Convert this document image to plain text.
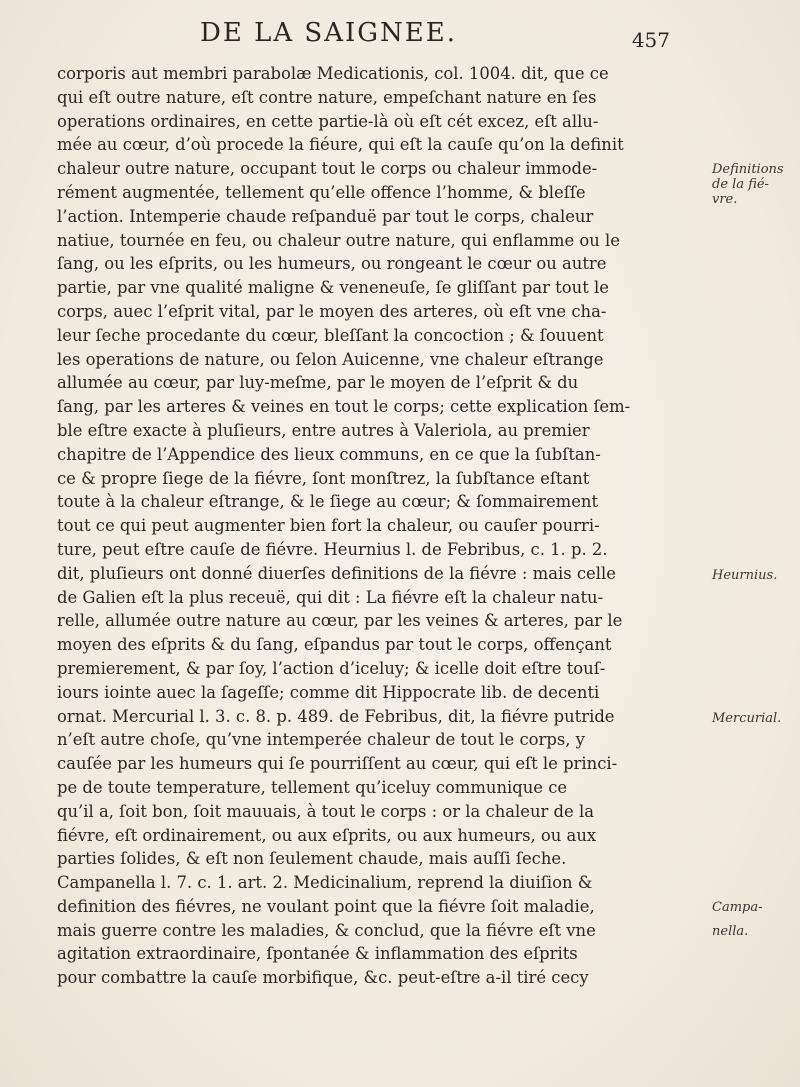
DE LA SAIGNEE.	457
corporis aut membri parabolæ Medicationis, col. 1004. dit, que ce
qui eſt outre nature, eſt contre nature, empeſchant nature en ſes
operations ordinaires, en cette partie-là où eſt cét excez, eſt allu-
mée au cœur, d’où procede la fiéure, qui eſt la cauſe qu’on la definit
chaleur outre nature, occupant tout le corps ou chaleur immode-
rément augmentée, tellement qu’elle offence l’homme, & bleſſe
l’action. Intemperie chaude reſpanduë par tout le corps, chaleur
natiue, tournée en feu, ou chaleur outre nature, qui enflamme ou le
ſang, ou les eſprits, ou les humeurs, ou rongeant le cœur ou autre
partie, par vne qualité maligne & veneneuſe, ſe gliſſant par tout le
corps, auec l’eſprit vital, par le moyen des arteres, où eſt vne cha-
leur ſeche procedante du cœur, bleſſant la concoction ; & ſouuent
les operations de nature, ou ſelon Auicenne, vne chaleur eſtrange
allumée au cœur, par luy-meſme, par le moyen de l’eſprit & du
ſang, par les arteres & veines en tout le corps; cette explication ſem-
ble eſtre exacte à pluſieurs, entre autres à Valeriola, au premier
chapitre de l’Appendice des lieux communs, en ce que la ſubſtan-
ce & propre ſiege de la fiévre, ſont monſtrez, la ſubſtance eſtant
toute à la chaleur eſtrange, & le ſiege au cœur; & ſommairement
tout ce qui peut augmenter bien fort la chaleur, ou cauſer pourri-
ture, peut eſtre cauſe de fiévre. Heurnius l. de Febribus, c. 1. p. 2.
dit, pluſieurs ont donné diuerſes definitions de la fiévre : mais celle
de Galien eſt la plus receuë, qui dit : La fiévre eſt la chaleur natu-
relle, allumée outre nature au cœur, par les veines & arteres, par le
moyen des eſprits & du ſang, eſpandus par tout le corps, offençant
premierement, & par ſoy, l’action d’iceluy; & icelle doit eſtre touſ-
iours iointe auec la ſageſſe; comme dit Hippocrate lib. de decenti
ornat. Mercurial l. 3. c. 8. p. 489. de Febribus, dit, la fiévre putride
n’eſt autre choſe, qu’vne intemperée chaleur de tout le corps, y
cauſée par les humeurs qui ſe pourriſſent au cœur, qui eſt le princi-
pe de toute temperature, tellement qu’iceluy communique ce
qu’il a, ſoit bon, ſoit mauuais, à tout le corps : or la chaleur de la
fiévre, eſt ordinairement, ou aux eſprits, ou aux humeurs, ou aux
parties ſolides, & eſt non ſeulement chaude, mais auſſi ſeche.
Campanella l. 7. c. 1. art. 2. Medicinalium, reprend la diuiſion &
definition des fiévres, ne voulant point que la fiévre ſoit maladie,
mais guerre contre les maladies, & conclud, que la fiévre eſt vne
agitation extraordinaire, ſpontanée & inflammation des eſprits
pour combattre la cauſe morbifique, &c. peut-eſtre a-il tiré cecy
Definitions
de la fié-
vre.
Heurnius.
Mercurial.
Campa-
nella.
